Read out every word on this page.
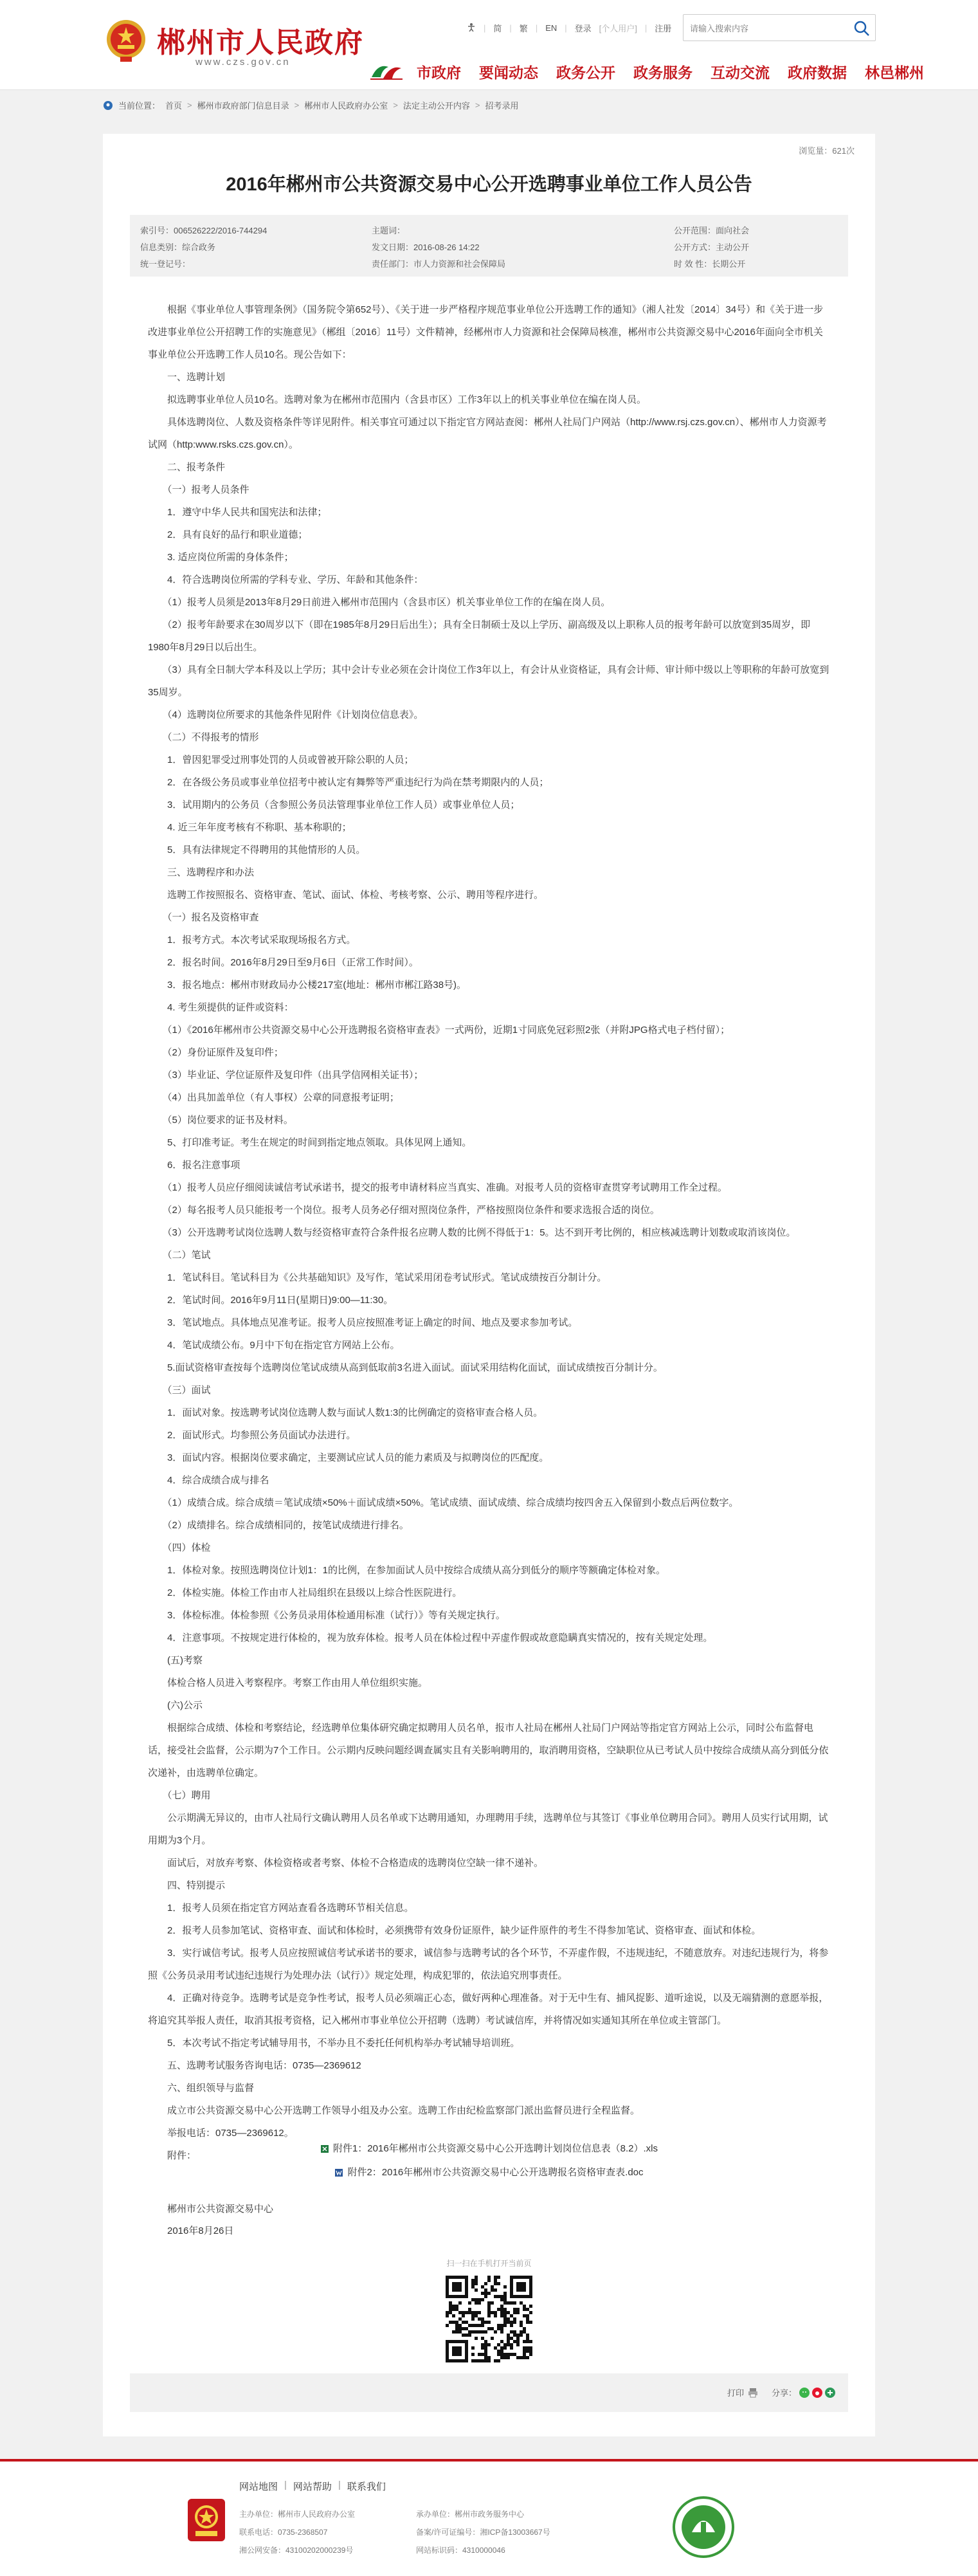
郴州市人民政府
www.czs.gov.cn
| 简 | 繁 | EN | 登录 [个人用户] | 注册
请输入搜索内容
市政府 要闻动态 政务公开 政务服务 互动交流 政府数据 林邑郴州
当前位置： 首页 > 郴州市政府部门信息目录 > 郴州市人民政府办公室 > 法定主动公开内容 > 招考录用
浏览量：621次
2016年郴州市公共资源交易中心公开选聘事业单位工作人员公告
索引号：006526222/2016-744294	主题词：	公开范围：面向社会
信息类别：综合政务	发文日期：2016-08-26 14:22	公开方式：主动公开
统一登记号：	责任部门：市人力资源和社会保障局	时 效 性：长期公开

　　根据《事业单位人事管理条例》（国务院令第652号）、《关于进一步严格程序规范事业单位公开选聘工作的通知》（湘人社发〔2014〕34号）和《关于进一步改进事业单位公开招聘工作的实施意见》（郴组〔2016〕11号）文件精神，经郴州市人力资源和社会保障局核准，郴州市公共资源交易中心2016年面向全市机关事业单位公开选聘工作人员10名。现公告如下：

　　一、选聘计划

　　拟选聘事业单位人员10名。选聘对象为在郴州市范围内（含县市区）工作3年以上的机关事业单位在编在岗人员。

　　具体选聘岗位、人数及资格条件等详见附件。相关事宜可通过以下指定官方网站查阅：郴州人社局门户网站（http://www.rsj.czs.gov.cn）、郴州市人力资源考试网（http:www.rsks.czs.gov.cn）。

　　二、报考条件

　　（一）报考人员条件

　　1．遵守中华人民共和国宪法和法律；

　　2．具有良好的品行和职业道德；

　　3. 适应岗位所需的身体条件；

　　4．符合选聘岗位所需的学科专业、学历、年龄和其他条件：

　　（1）报考人员须是2013年8月29日前进入郴州市范围内（含县市区）机关事业单位工作的在编在岗人员。

　　（2）报考年龄要求在30周岁以下（即在1985年8月29日后出生）；具有全日制硕士及以上学历、副高级及以上职称人员的报考年龄可以放宽到35周岁，即1980年8月29日以后出生。

　　（3）具有全日制大学本科及以上学历；其中会计专业必须在会计岗位工作3年以上，有会计从业资格证，具有会计师、审计师中级以上等职称的年龄可放宽到35周岁。

　　（4）选聘岗位所要求的其他条件见附件《计划岗位信息表》。

　　（二）不得报考的情形

　　1．曾因犯罪受过刑事处罚的人员或曾被开除公职的人员；

　　2．在各级公务员或事业单位招考中被认定有舞弊等严重违纪行为尚在禁考期限内的人员；

　　3．试用期内的公务员（含参照公务员法管理事业单位工作人员）或事业单位人员；

　　4. 近三年年度考核有不称职、基本称职的；

　　5．具有法律规定不得聘用的其他情形的人员。

　　三、选聘程序和办法

　　选聘工作按照报名、资格审查、笔试、面试、体检、考核考察、公示、聘用等程序进行。

　　（一）报名及资格审查

　　1．报考方式。本次考试采取现场报名方式。

　　2．报名时间。2016年8月29日至9月6日（正常工作时间）。

　　3．报名地点：郴州市财政局办公楼217室(地址：郴州市郴江路38号)。

　　4. 考生须提供的证件或资料：

　　（1）《2016年郴州市公共资源交易中心公开选聘报名资格审查表》一式两份，近期1寸同底免冠彩照2张（并附JPG格式电子档付留）；

　　（2）身份证原件及复印件；

　　（3）毕业证、学位证原件及复印件（出具学信网相关证书）；

　　（4）出具加盖单位（有人事权）公章的同意报考证明；

　　（5）岗位要求的证书及材料。

　　5、打印准考证。考生在规定的时间到指定地点领取。具体见网上通知。

　　6．报名注意事项

　　（1）报考人员应仔细阅读诚信考试承诺书，提交的报考申请材料应当真实、准确。对报考人员的资格审查贯穿考试聘用工作全过程。

　　（2）每名报考人员只能报考一个岗位。报考人员务必仔细对照岗位条件，严格按照岗位条件和要求选报合适的岗位。

　　（3）公开选聘考试岗位选聘人数与经资格审查符合条件报名应聘人数的比例不得低于1：5。达不到开考比例的，相应核减选聘计划数或取消该岗位。

　　（二）笔试

　　1．笔试科目。笔试科目为《公共基础知识》及写作，笔试采用闭卷考试形式。笔试成绩按百分制计分。

　　2．笔试时间。2016年9月11日(星期日)9:00—11:30。

　　3．笔试地点。具体地点见准考证。报考人员应按照准考证上确定的时间、地点及要求参加考试。

　　4．笔试成绩公布。9月中下旬在指定官方网站上公布。

　　5.面试资格审查按每个选聘岗位笔试成绩从高到低取前3名进入面试。面试采用结构化面试，面试成绩按百分制计分。

　　（三）面试

　　1．面试对象。按选聘考试岗位选聘人数与面试人数1:3的比例确定的资格审查合格人员。

　　2．面试形式。均参照公务员面试办法进行。

　　3．面试内容。根据岗位要求确定，主要测试应试人员的能力素质及与拟聘岗位的匹配度。

　　4．综合成绩合成与排名

　　（1）成绩合成。综合成绩＝笔试成绩×50%＋面试成绩×50%。笔试成绩、面试成绩、综合成绩均按四舍五入保留到小数点后两位数字。

　　（2）成绩排名。综合成绩相同的，按笔试成绩进行排名。

　　（四）体检

　　1．体检对象。按照选聘岗位计划1：1的比例，在参加面试人员中按综合成绩从高分到低分的顺序等额确定体检对象。

　　2．体检实施。体检工作由市人社局组织在县级以上综合性医院进行。

　　3．体检标准。体检参照《公务员录用体检通用标准（试行）》等有关规定执行。

　　4．注意事项。不按规定进行体检的，视为放弃体检。报考人员在体检过程中弄虚作假或故意隐瞒真实情况的，按有关规定处理。

　　(五)考察

　　体检合格人员进入考察程序。考察工作由用人单位组织实施。

　　(六)公示

　　根据综合成绩、体检和考察结论，经选聘单位集体研究确定拟聘用人员名单，报市人社局在郴州人社局门户网站等指定官方网站上公示，同时公布监督电话，接受社会监督，公示期为7个工作日。公示期内反映问题经调查属实且有关影响聘用的，取消聘用资格，空缺职位从已考试人员中按综合成绩从高分到低分依次递补，由选聘单位确定。

　　（七）聘用

　　公示期满无异议的，由市人社局行文确认聘用人员名单或下达聘用通知，办理聘用手续，选聘单位与其签订《事业单位聘用合同》。聘用人员实行试用期，试用期为3个月。

　　面试后，对放弃考察、体检资格或者考察、体检不合格造成的选聘岗位空缺一律不递补。

　　四、特别提示

　　1．报考人员须在指定官方网站查看各选聘环节相关信息。

　　2．报考人员参加笔试、资格审查、面试和体检时，必须携带有效身份证原件，缺少证件原件的考生不得参加笔试、资格审查、面试和体检。

　　3．实行诚信考试。报考人员应按照诚信考试承诺书的要求，诚信参与选聘考试的各个环节，不弄虚作假，不违规违纪，不随意放弃。对违纪违规行为，将参照《公务员录用考试违纪违规行为处理办法（试行）》规定处理，构成犯罪的，依法追究刑事责任。

　　4．正确对待竞争。选聘考试是竞争性考试，报考人员必须端正心态，做好两种心理准备。对于无中生有、捕风捉影、道听途说，以及无端猜测的意愿举报，将追究其举报人责任，取消其报考资格，记入郴州市事业单位公开招聘（选聘）考试诚信库，并将情况如实通知其所在单位或主管部门。

　　5．本次考试不指定考试辅导用书，不举办且不委托任何机构举办考试辅导培训班。

　　五、选聘考试服务咨询电话：0735—2369612

　　六、组织领导与监督

　　成立市公共资源交易中心公开选聘工作领导小组及办公室。选聘工作由纪检监察部门派出监督员进行全程监督。

　　举报电话：0735—2369612。

　　附件：

附件1：2016年郴州市公共资源交易中心公开选聘计划岗位信息表（8.2）.xls
附件2：2016年郴州市公共资源交易中心公开选聘报名资格审查表.doc
　　郴州市公共资源交易中心
　　2016年8月26日
扫一扫在手机打开当前页
打印	分享：
网站地图 | 网站帮助 | 联系我们
主办单位：郴州市人民政府办公室	承办单位：郴州市政务服务中心
联系电话：0735-2368507	备案/许可证编号：湘ICP备13003667号
湘公网安备：43100202000239号	网站标识码：4310000046
